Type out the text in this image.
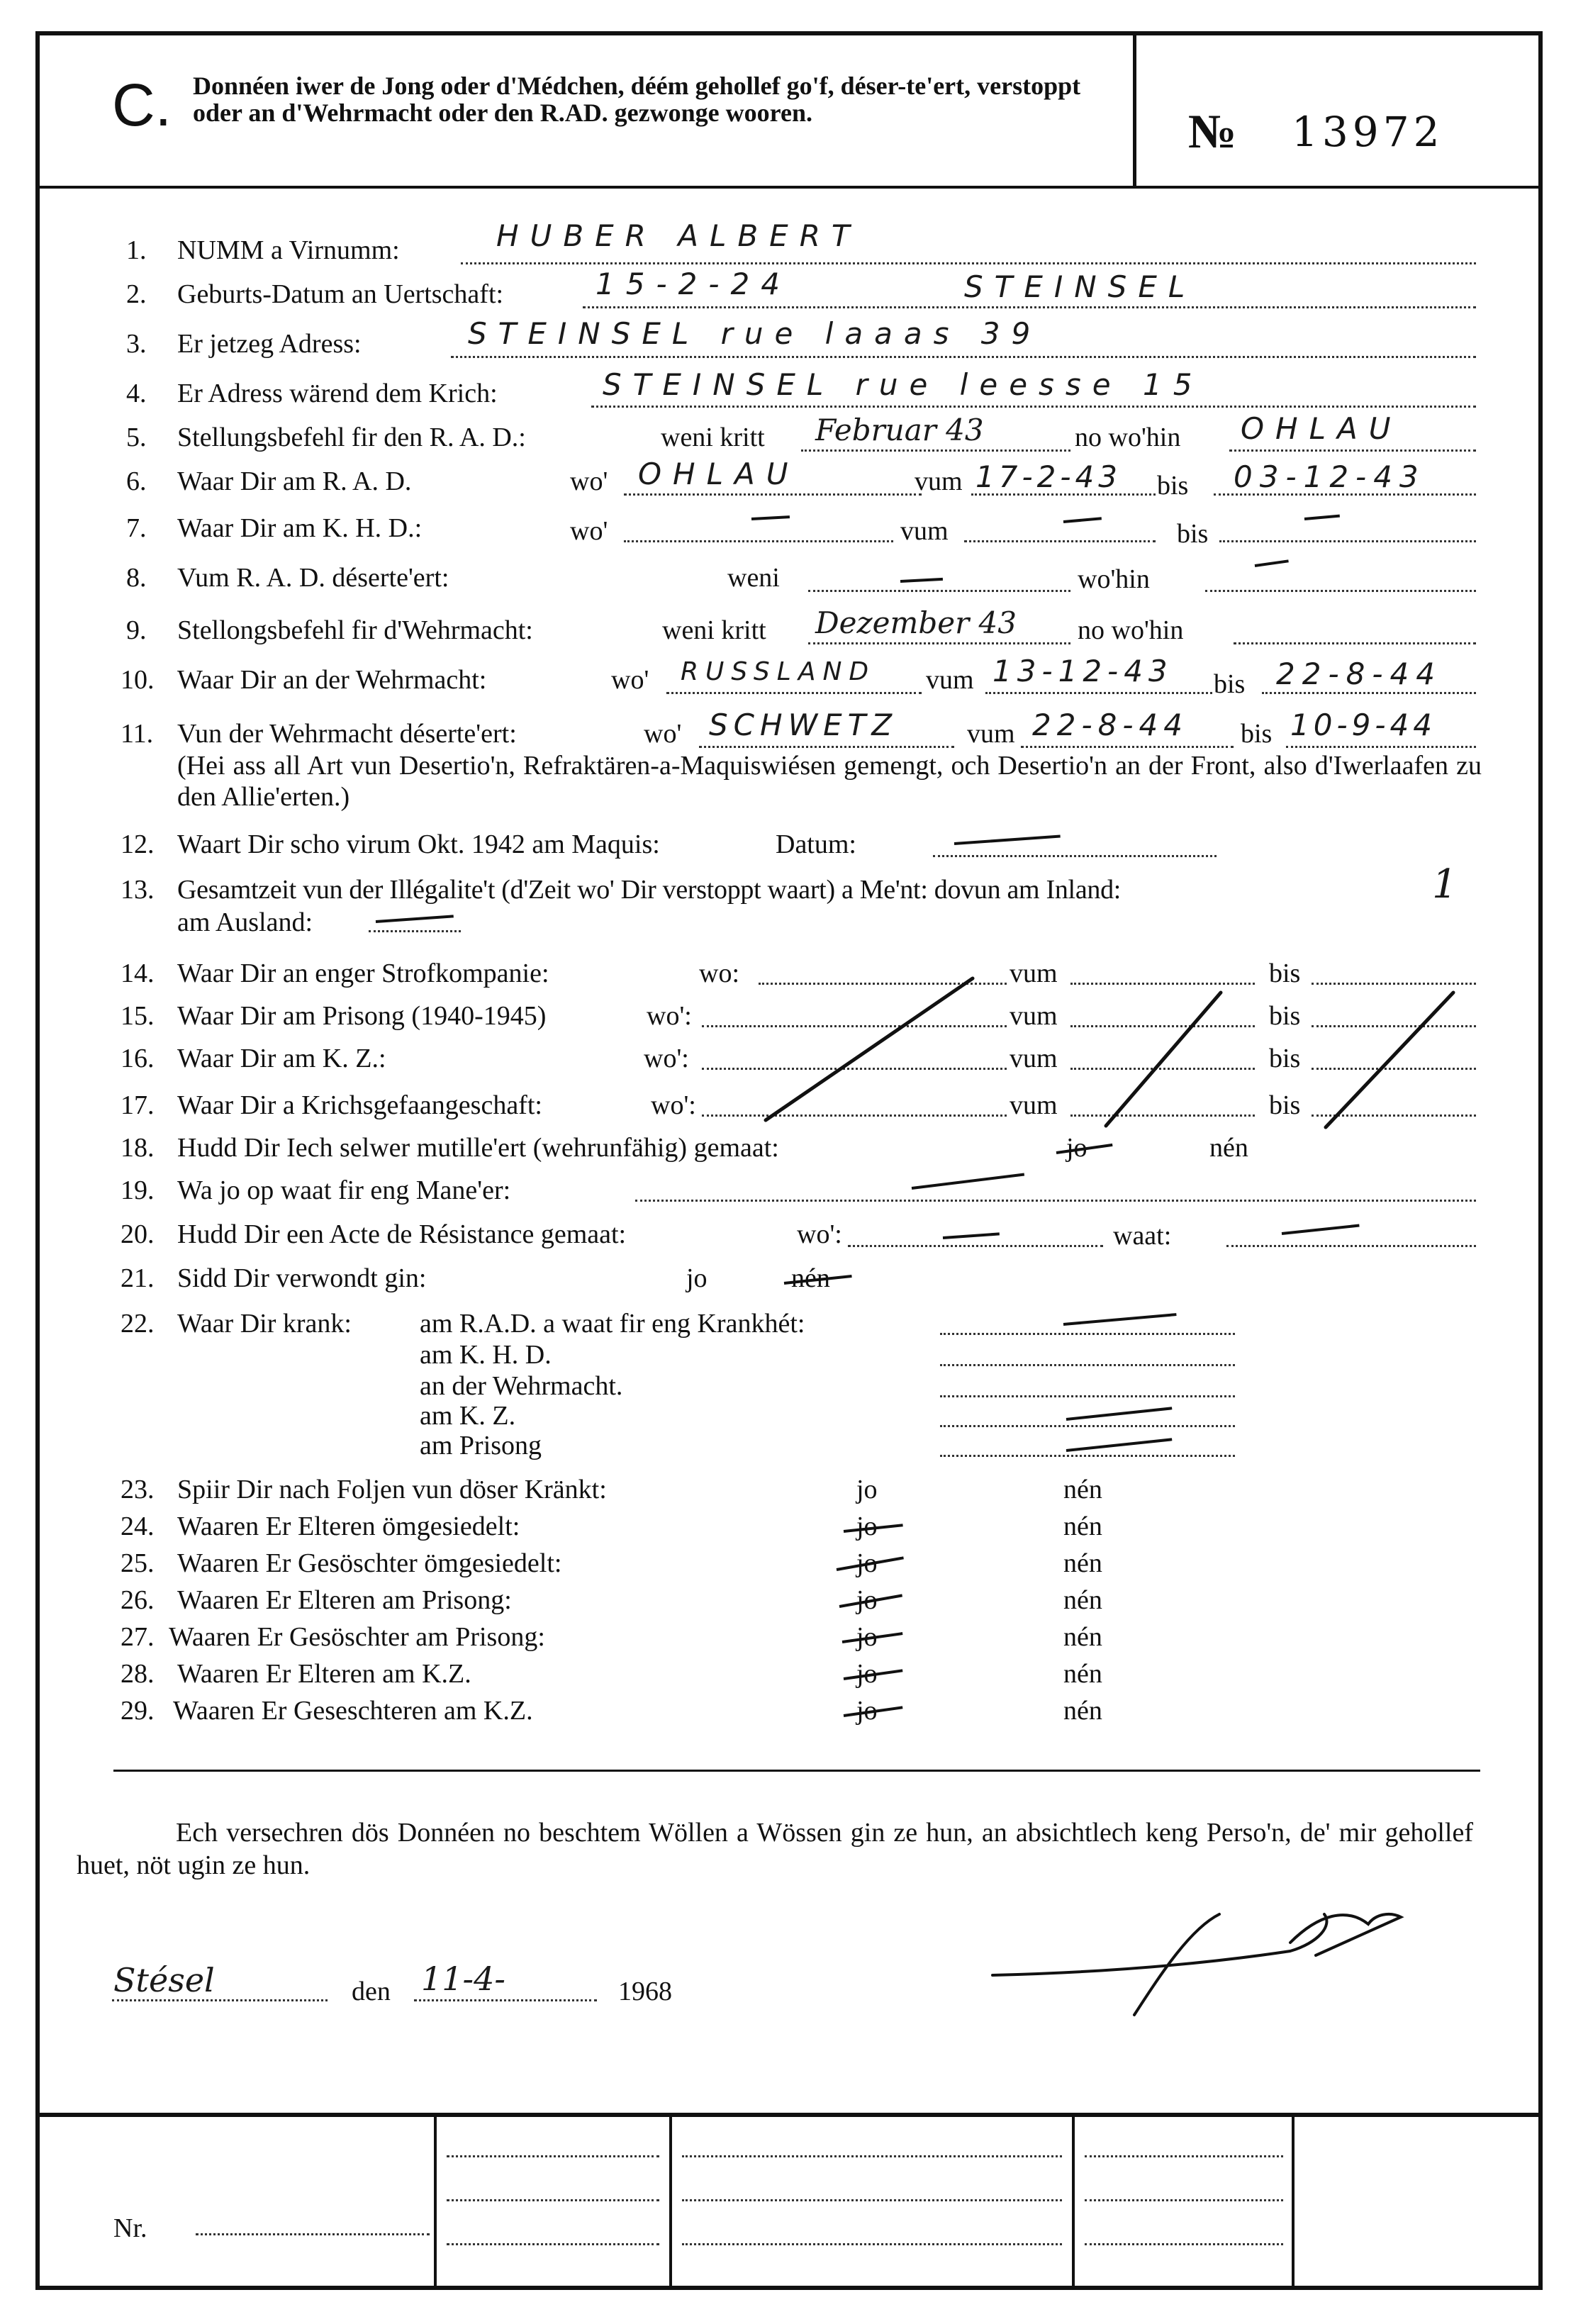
C. Donnéen iwer de Jong oder d'Médchen, déém gehollef go'f, déser-te'ert, verstoppt oder an d'Wehrmacht oder den R.AD. gezwonge wooren.	№ 13972
1. NUMM a Virnumm:	HUBER ALBERT
2. Geburts-Datum an Uertschaft:	15-2-24	STEINSEL
3. Er jetzeg Adress:	STEINSEL rue laaas 39
4. Er Adress wärend dem Krich:	STEINSEL rue leesse 15
5. Stellungsbefehl fir den R. A. D.:	weni kritt Februar 43	no wo'hin OHLAU
6. Waar Dir am R. A. D.	wo' OHLAU	vum 17-2-43 bis 03-12-43
7. Waar Dir am K. H. D.:	wo'	vum	bis
8. Vum R. A. D. déserte'ert:	weni	wo'hin
9. Stellongsbefehl fir d'Wehrmacht:	weni kritt Dezember 43 no wo'hin
10. Waar Dir an der Wehrmacht:	wo' RUSSLAND vum 13-12-43 bis 22-8-44
11. Vun der Wehrmacht déserte'ert:	wo' SCHWETZ	vum 22-8-44 bis 10-9-44
(Hei ass all Art vun Desertio'n, Refraktären-a-Maquiswiésen gemengt, och Desertio'n an der Front, also d'Iwerlaafen zu den Allie'erten.)
12. Waart Dir scho virum Okt. 1942 am Maquis:	Datum:
13. Gesamtzeit vun der Illégalite't (d'Zeit wo' Dir verstoppt waart) a Me'nt: dovun am Inland:	1
am Ausland:
14. Waar Dir an enger Strofkompanie:	wo:	vum	bis
15. Waar Dir am Prisong (1940-1945)	wo':	vum	bis
16. Waar Dir am K. Z.:	wo':	vum	bis
17. Waar Dir a Krichsgefaangeschaft:	wo':	vum	bis
18. Hudd Dir Iech selwer mutille'ert (wehrunfähig) gemaat:	jo	nén
19. Wa jo op waat fir eng Mane'er:
20. Hudd Dir een Acte de Résistance gemaat:	wo':	waat:
21. Sidd Dir verwondt gin:	jo	nén
22. Waar Dir krank:	am R.A.D. a waat fir eng Krankhét:
am K. H. D.
an der Wehrmacht.
am K. Z.
am Prisong
23. Spiir Dir nach Foljen vun döser Kränkt:	jo	nén
24. Waaren Er Elteren ömgesiedelt:	jo	nén
25. Waaren Er Gesöschter ömgesiedelt:	jo	nén
26. Waaren Er Elteren am Prisong:	jo	nén
27. Waaren Er Gesöschter am Prisong:	jo	nén
28. Waaren Er Elteren am K.Z.	jo	nén
29. Waaren Er Geseschteren am K.Z.	jo	nén
Ech versechren dös Donnéen no beschtem Wöllen a Wössen gin ze hun, an absichtlech keng Perso'n, de' mir gehollef huet, nöt ugin ze hun.
Stésel	den 11-4-	1968
Nr.
